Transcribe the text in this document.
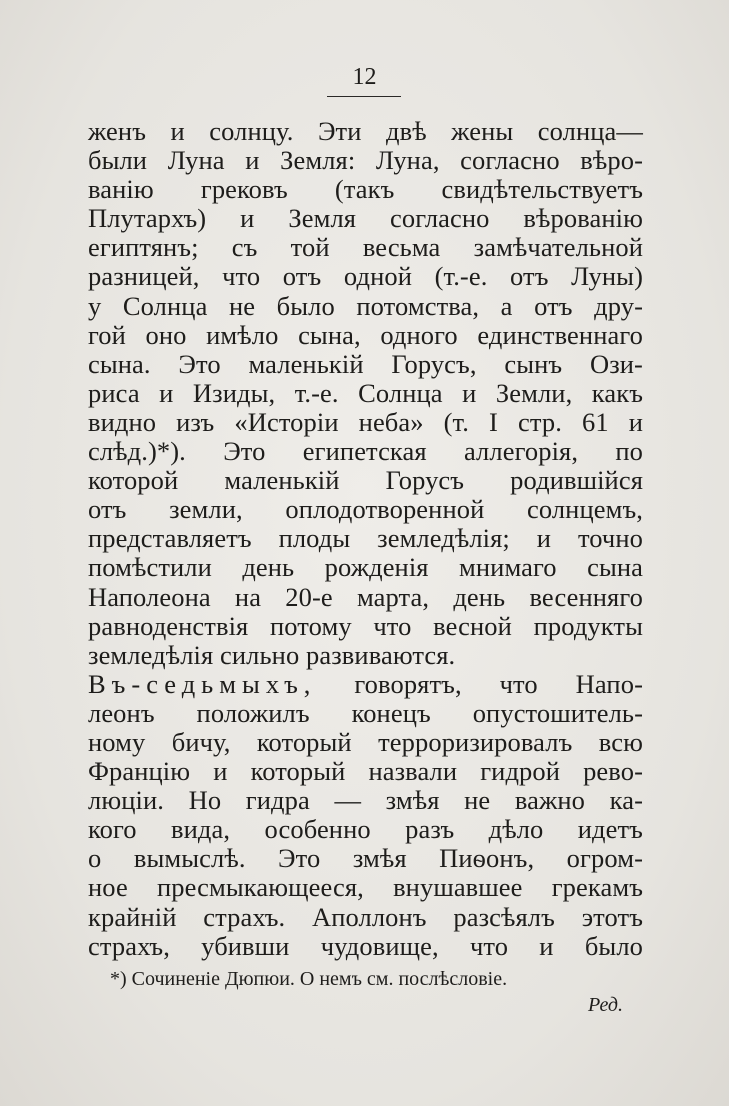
12
женъ и солнцу. Эти двѣ жены солнца—
были Луна и Земля: Луна, согласно вѣро-
ванію грековъ (такъ свидѣтельствуетъ
Плутархъ) и Земля согласно вѣрованію
египтянъ; съ той весьма замѣчательной
разницей, что отъ одной (т.-е. отъ Луны)
у Солнца не было потомства, а отъ дру-
гой оно имѣло сына, одного единственнаго
сына. Это маленькій Горусъ, сынъ Ози-
риса и Изиды, т.-е. Солнца и Земли, какъ
видно изъ «Исторіи неба» (т. I стр. 61 и
слѣд.)*). Это египетская аллегорія, по
которой маленькій Горусъ родившійся
отъ земли, оплодотворенной солнцемъ,
представляетъ плоды земледѣлія; и точно
помѣстили день рожденія мнимаго сына
Наполеона на 20-е марта, день весенняго
равноденствія потому что весной продукты
земледѣлія сильно развиваются.
Въ-седьмыхъ, говорятъ, что Напо-
леонъ положилъ конецъ опустошитель-
ному бичу, который терроризировалъ всю
Францію и который назвали гидрой рево-
люціи. Но гидра — змѣя не важно ка-
кого вида, особенно разъ дѣло идетъ
о вымыслѣ. Это змѣя Пиѳонъ, огром-
ное пресмыкающееся, внушавшее грекамъ
крайній страхъ. Аполлонъ разсѣялъ этотъ
страхъ, убивши чудовище, что и было
*) Сочиненіе Дюпюи. О немъ см. послѣсловіе.
Ред.
